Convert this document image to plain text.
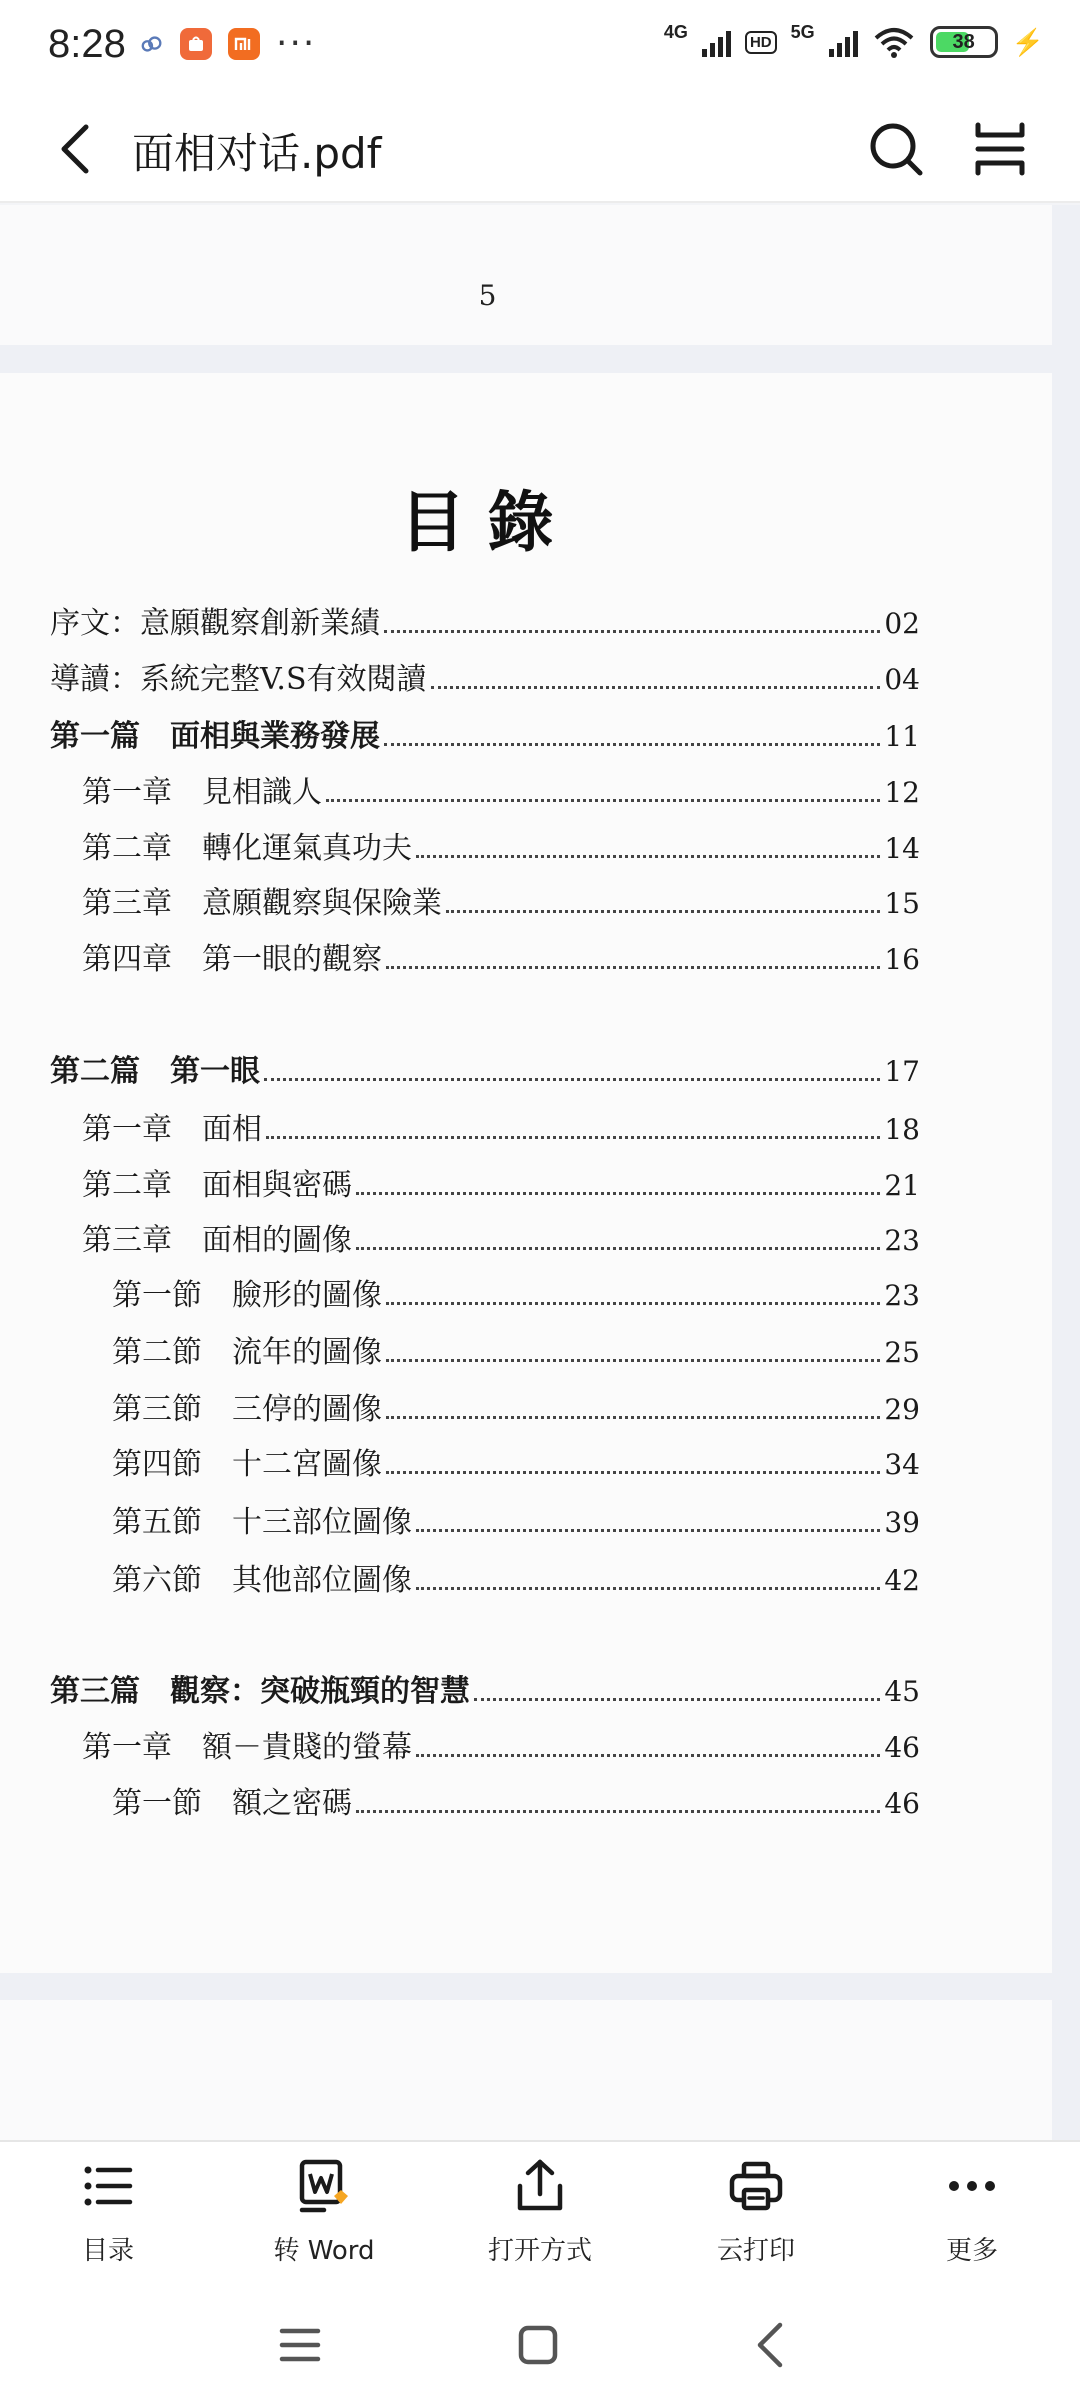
8:28	···	4G
HD
5G	38	⚡
面相对话.pdf
5
目錄
序文：意願觀察創新業績	02
導讀：系統完整V.S有效閱讀	04
第一篇　面相與業務發展	11
第一章　見相識人	12
第二章　轉化運氣真功夫	14
第三章　意願觀察與保險業	15
第四章　第一眼的觀察	16
第二篇　第一眼	17
第一章　面相	18
第二章　面相與密碼	21
第三章　面相的圖像	23
第一節　臉形的圖像	23
第二節　流年的圖像	25
第三節　三停的圖像	29
第四節　十二宮圖像	34
第五節　十三部位圖像	39
第六節　其他部位圖像	42
第三篇　觀察：突破瓶頸的智慧	45
第一章　額－貴賤的螢幕	46
第一節　額之密碼	46
目录	转 Word	打开方式	云打印	更多
